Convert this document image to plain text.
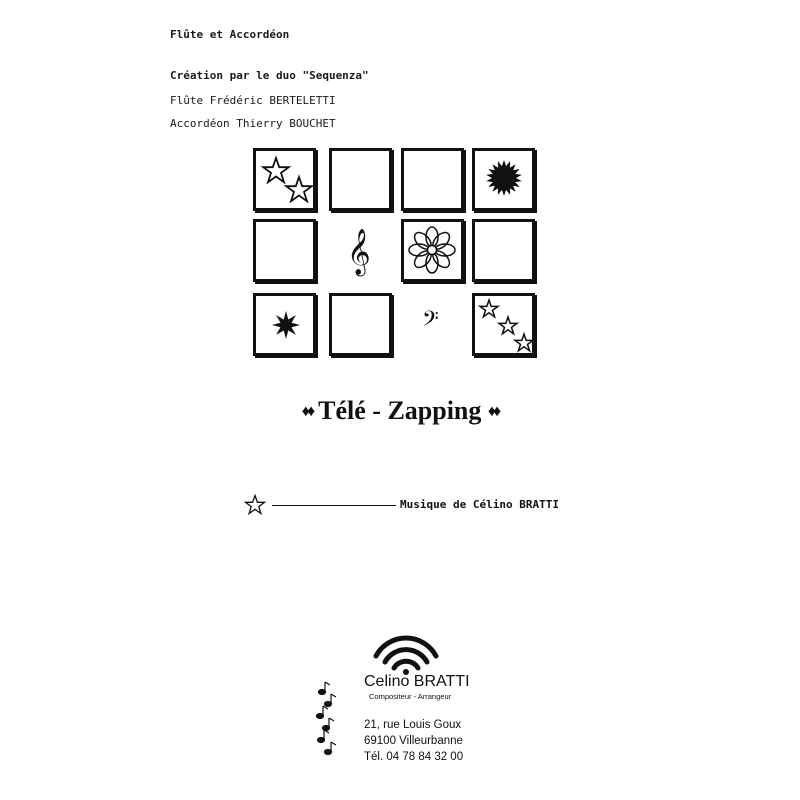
Flûte et Accordéon
Création par le duo "Sequenza"
Flûte Frédéric BERTELETTI
Accordéon Thierry BOUCHET
𝄞
𝄢
♦♦ Télé - Zapping ♦♦
Musique de Célino BRATTI
Celino BRATTI
Compositeur - Arrangeur
21, rue Louis Goux
69100 Villeurbanne
Tél. 04 78 84 32 00
